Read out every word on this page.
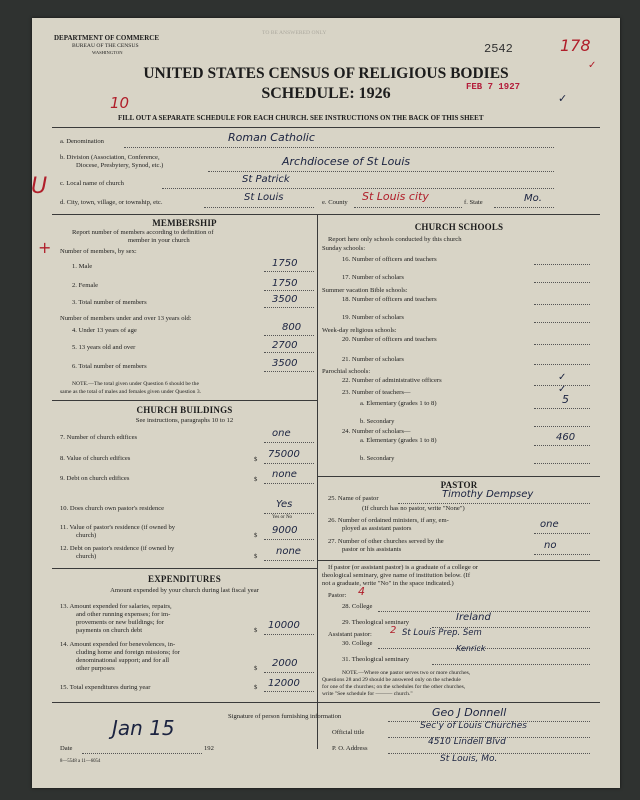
DEPARTMENT OF COMMERCE
BUREAU OF THE CENSUS
WASHINGTON
TO BE ANSWERED ONLY
2542
FEB 7 1927
178
✓
✓
UNITED STATES CENSUS OF RELIGIOUS BODIES
SCHEDULE: 1926
10
FILL OUT A SEPARATE SCHEDULE FOR EACH CHURCH. SEE INSTRUCTIONS ON THE BACK OF THIS SHEET
a. Denomination	Roman Catholic
b. Division (Association, Conference,
Diocese, Presbytery, Synod, etc.)	Archdiocese of St Louis
c. Local name of church	St Patrick
U
+
d. City, town, village, or township, etc.	St Louis	e. County St Louis city	f. State	Mo.
MEMBERSHIP
Report number of members according to definition of
member in your church
Number of members, by sex:
1. Male	1750
2. Female	1750
3. Total number of members	3500
Number of members under and over 13 years old:
4. Under 13 years of age	800
5. 13 years old and over	2700
6. Total number of members	3500
NOTE.—The total given under Question 6 should be the
same as the total of males and females given under Question 3.
CHURCH BUILDINGS
See instructions, paragraphs 10 to 12
7. Number of church edifices	one
8. Value of church edifices	$ 75000
9. Debt on church edifices	$ none
10. Does church own pastor's residence	Yes
Yes or No
11. Value of pastor's residence (if owned by
church)	$ 9000
12. Debt on pastor's residence (if owned by
church)	$ none
EXPENDITURES
Amount expended by your church during last fiscal year
13. Amount expended for salaries, repairs,
and other running expenses; for im-
provements or new buildings; for
payments on church debt	$ 10000
14. Amount expended for benevolences, in-
cluding home and foreign missions; for
denominational support; and for all
other purposes	$ 2000
15. Total expenditures during year	$ 12000
CHURCH SCHOOLS
Report here only schools conducted by this church
Sunday schools:
16. Number of officers and teachers
17. Number of scholars
Summer vacation Bible schools:
18. Number of officers and teachers
19. Number of scholars
Week-day religious schools:
20. Number of officers and teachers
21. Number of scholars
Parochial schools:
22. Number of administrative officers	✓
23. Number of teachers—	✓
a. Elementary (grades 1 to 8)	5
b. Secondary
24. Number of scholars—
a. Elementary (grades 1 to 8)	460
b. Secondary
PASTOR
25. Name of pastor	Timothy Dempsey
(If church has no pastor, write "None")
26. Number of ordained ministers, if any, em-
ployed as assistant pastors	one
27. Number of other churches served by the
pastor or his assistants	no
If pastor (or assistant pastor) is a graduate of a college or
theological seminary, give name of institution below. (If
not a graduate, write "No" in the space indicated.)
Pastor: 4
28. College
29. Theological seminary	Ireland
Assistant pastor: 2
30. College
St Louis Prep. Sem
31. Theological seminary
Kenrick
NOTE.—Where one pastor serves two or more churches,
Questions 28 and 29 should be answered only on the schedule
for one of the churches; on the schedules for the other churches,
write "See schedule for ——— church."
Signature of person furnishing information	Geo J Donnell
Official title
Sec'y of Louis Churches
P. O. Address
4510 Lindell Blvd
St Louis, Mo.
Date
Jan 15
192
8—5548 a 11—6054
